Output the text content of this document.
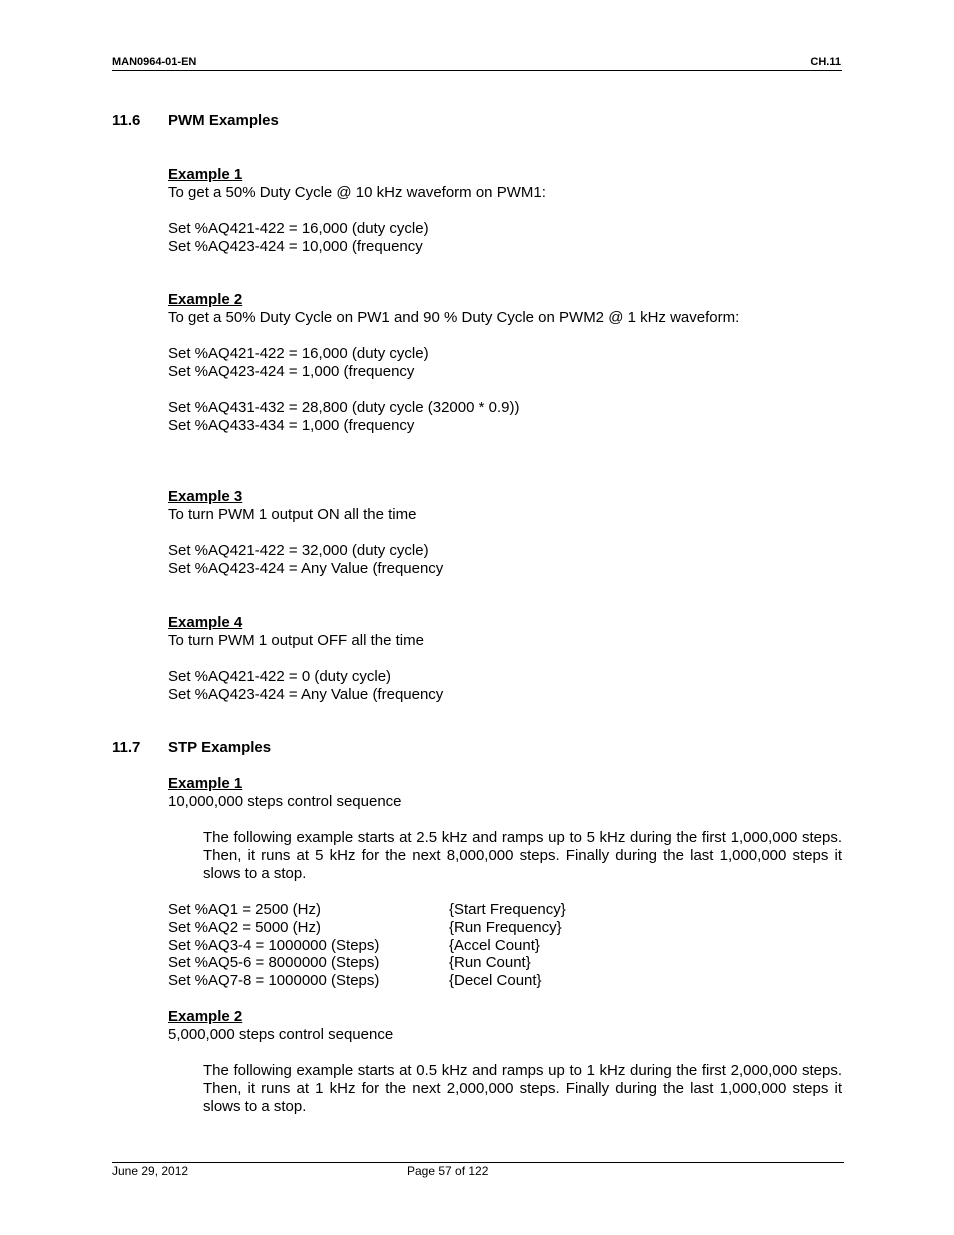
MAN0964-01-EN	CH.11
11.6 PWM Examples
Example 1
To get a 50% Duty Cycle @ 10 kHz waveform on PWM1:
Set %AQ421-422 = 16,000 (duty cycle)
Set %AQ423-424 = 10,000 (frequency
Example 2
To get a 50% Duty Cycle on PW1 and 90 % Duty Cycle on PWM2 @ 1 kHz waveform:
Set %AQ421-422 = 16,000 (duty cycle)
Set %AQ423-424 = 1,000 (frequency
Set %AQ431-432 = 28,800 (duty cycle (32000 * 0.9))
Set %AQ433-434 = 1,000 (frequency
Example 3
To turn PWM 1 output ON all the time
Set %AQ421-422 = 32,000 (duty cycle)
Set %AQ423-424 = Any Value (frequency
Example 4
To turn PWM 1 output OFF all the time
Set %AQ421-422 = 0 (duty cycle)
Set %AQ423-424 = Any Value (frequency
11.7 STP Examples
Example 1
10,000,000 steps control sequence
The following example starts at 2.5 kHz and ramps up to 5 kHz during the first 1,000,000 steps. Then, it runs at 5 kHz for the next 8,000,000 steps. Finally during the last 1,000,000 steps it slows to a stop.
Set %AQ1 = 2500 (Hz)	{Start Frequency}
Set %AQ2 = 5000 (Hz)	{Run Frequency}
Set %AQ3-4 = 1000000 (Steps)	{Accel Count}
Set %AQ5-6 = 8000000 (Steps)	{Run Count}
Set %AQ7-8 = 1000000 (Steps)	{Decel Count}
Example 2
5,000,000 steps control sequence
The following example starts at 0.5 kHz and ramps up to 1 kHz during the first 2,000,000 steps. Then, it runs at 1 kHz for the next 2,000,000 steps. Finally during the last 1,000,000 steps it slows to a stop.
June 29, 2012	Page 57 of 122
